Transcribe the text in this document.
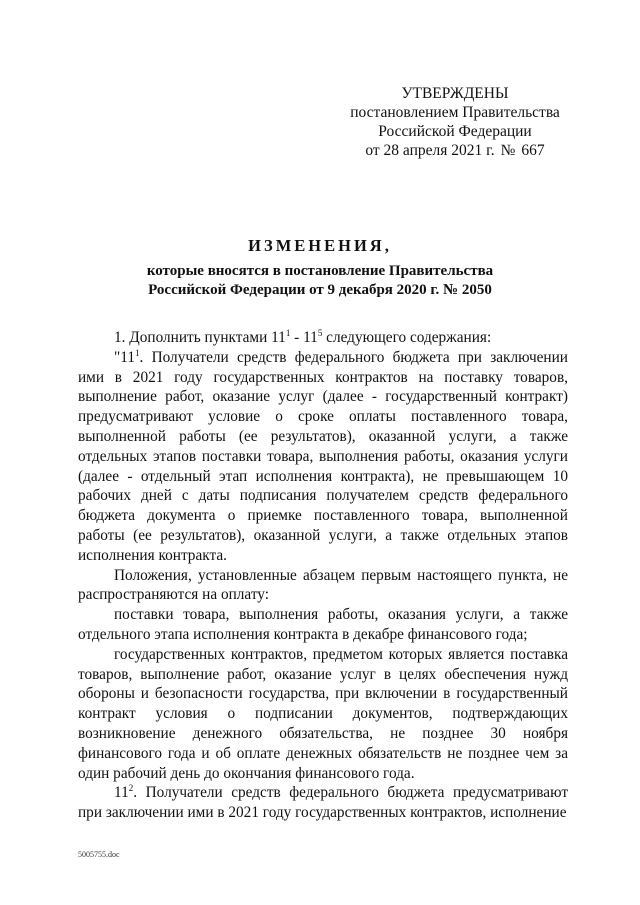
УТВЕРЖДЕНЫ
постановлением Правительства
Российской Федерации
от 28 апреля 2021 г. № 667
ИЗМЕНЕНИЯ,
которые вносятся в постановление Правительства
Российской Федерации от 9 декабря 2020 г. № 2050

1. Дополнить пунктами $11^1 - 11^5$ следующего содержания:

"$11^1$. Получатели средств федерального бюджета при заключении ими в 2021 году государственных контрактов на поставку товаров, выполнение работ, оказание услуг (далее - государственный контракт) предусматривают условие о сроке оплаты поставленного товара, выполненной работы (ее результатов), оказанной услуги, а также отдельных этапов поставки товара, выполнения работы, оказания услуги (далее - отдельный этап исполнения контракта), не превышающем 10 рабочих дней с даты подписания получателем средств федерального бюджета документа о приемке поставленного товара, выполненной работы (ее результатов), оказанной услуги, а также отдельных этапов исполнения контракта.

Положения, установленные абзацем первым настоящего пункта, не распространяются на оплату:

поставки товара, выполнения работы, оказания услуги, а также отдельного этапа исполнения контракта в декабре финансового года;

государственных контрактов, предметом которых является поставка товаров, выполнение работ, оказание услуг в целях обеспечения нужд обороны и безопасности государства, при включении в государственный контракт условия о подписании документов, подтверждающих возникновение денежного обязательства, не позднее 30 ноября финансового года и об оплате денежных обязательств не позднее чем за один рабочий день до окончания финансового года.

$11^2$. Получатели средств федерального бюджета предусматривают при заключении ими в 2021 году государственных контрактов, исполнение

5005755.doc
